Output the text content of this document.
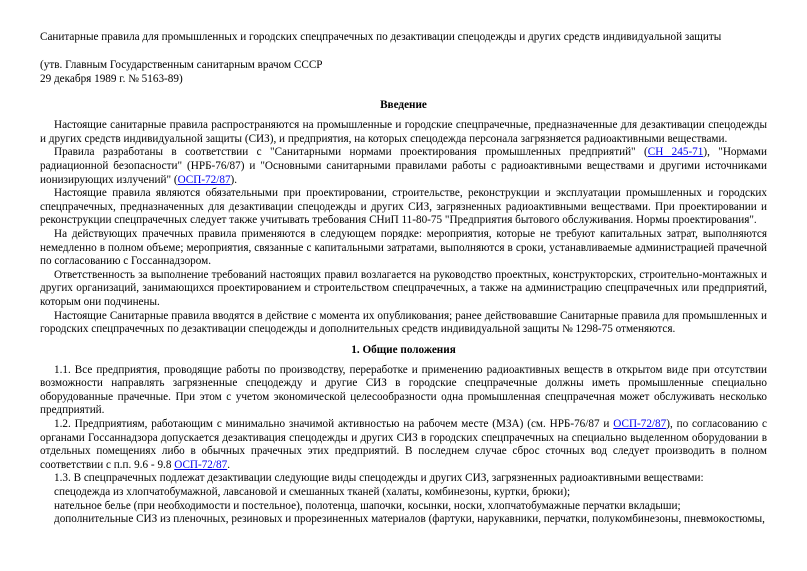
Санитарные правила для промышленных и городских спецпрачечных по дезактивации спецодежды и других средств индивидуальной защиты
(утв. Главным Государственным санитарным врачом СССР
29 декабря 1989 г. № 5163-89)
Введение

Настоящие санитарные правила распространяются на промышленные и городские спецпрачечные, предназначенные для дезактивации спецодежды и других средств индивидуальной защиты (СИЗ), и предприятия, на которых спецодежда персонала загрязняется радиоактивными веществами.

Правила разработаны в соответствии с "Санитарными нормами проектирования промышленных предприятий" (СН 245-71), "Нормами радиационной безопасности" (НРБ-76/87) и "Основными санитарными правилами работы с радиоактивными веществами и другими источниками ионизирующих излучений" (ОСП-72/87).

Настоящие правила являются обязательными при проектировании, строительстве, реконструкции и эксплуатации промышленных и городских спецпрачечных, предназначенных для дезактивации спецодежды и других СИЗ, загрязненных радиоактивными веществами. При проектировании и реконструкции спецпрачечных следует также учитывать требования СНиП 11-80-75 "Предприятия бытового обслуживания. Нормы проектирования".

На действующих прачечных правила применяются в следующем порядке: мероприятия, которые не требуют капитальных затрат, выполняются немедленно в полном объеме; мероприятия, связанные с капитальными затратами, выполняются в сроки, устанавливаемые администрацией прачечной по согласованию с Госсаннадзором.

Ответственность за выполнение требований настоящих правил возлагается на руководство проектных, конструкторских, строительно-монтажных и других организаций, занимающихся проектированием и строительством спецпрачечных, а также на администрацию спецпрачечных или предприятий, которым они подчинены.

Настоящие Санитарные правила вводятся в действие с момента их опубликования; ранее действовавшие Санитарные правила для промышленных и городских спецпрачечных по дезактивации спецодежды и дополнительных средств индивидуальной защиты № 1298-75 отменяются.

1. Общие положения

1.1. Все предприятия, проводящие работы по производству, переработке и применению радиоактивных веществ в открытом виде при отсутствии возможности направлять загрязненные спецодежду и другие СИЗ в городские спецпрачечные должны иметь промышленные специально оборудованные прачечные. При этом с учетом экономической целесообразности одна промышленная спецпрачечная может обслуживать несколько предприятий.

1.2. Предприятиям, работающим с минимально значимой активностью на рабочем месте (МЗА) (см. НРБ-76/87 и ОСП-72/87), по согласованию с органами Госсаннадзора допускается дезактивация спецодежды и других СИЗ в городских спецпрачечных на специально выделенном оборудовании в отдельных помещениях либо в обычных прачечных этих предприятий. В последнем случае сброс сточных вод следует производить в полном соответствии с п.п. 9.6 - 9.8 ОСП-72/87.

1.3. В спецпрачечных подлежат дезактивации следующие виды спецодежды и других СИЗ, загрязненных радиоактивными веществами:

спецодежда из хлопчатобумажной, лавсановой и смешанных тканей (халаты, комбинезоны, куртки, брюки);

нательное белье (при необходимости и постельное), полотенца, шапочки, косынки, носки, хлопчатобумажные перчатки вкладыши;

дополнительные СИЗ из пленочных, резиновых и прорезиненных материалов (фартуки, нарукавники, перчатки, полукомбинезоны, пневмокостюмы,
